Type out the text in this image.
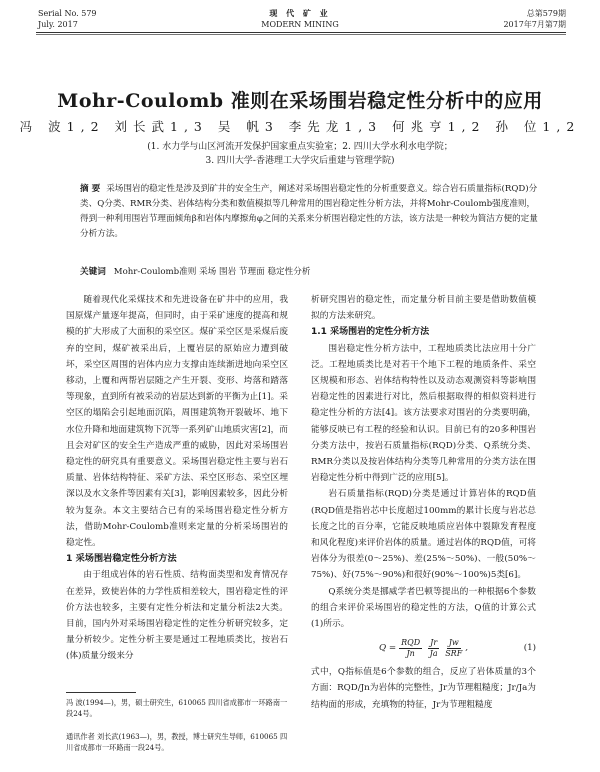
Serial No. 579
July. 2017
现 代 矿 业
MODERN MINING
总第579期
2017年7月第7期
Mohr-Coulomb 准则在采场围岩稳定性分析中的应用
冯 波1,2 刘长武1,3 吴 帆3 李先龙1,3 何兆亨1,2 孙 位1,2
(1. 水力学与山区河流开发保护国家重点实验室；2. 四川大学水利水电学院；
3. 四川大学-香港理工大学灾后重建与管理学院)
摘 要 采场围岩的稳定性是涉及到矿井的安全生产，阐述对采场围岩稳定性的分析重要意义。综合岩石质量指标(RQD)分类、Q分类、RMR分类、岩体结构分类和数值模拟等几种常用的围岩稳定性分析方法，并将Mohr-Coulomb强度准则，得到一种利用围岩节理面倾角β和岩体内摩擦角φ之间的关系来分析围岩稳定性的方法，该方法是一种较为简洁方便的定量分析方法。
关键词 Mohr-Coulomb准则 采场 围岩 节理面 稳定性分析

随着现代化采煤技术和先进设备在矿井中的应用，我国原煤产量逐年提高，但同时，由于采矿速度的提高和规模的扩大形成了大面积的采空区。煤矿采空区是采煤后废弃的空间，煤矿被采出后，上覆岩层的原始应力遭到破坏，采空区周围的岩体内应力支撑由连续渐进地向采空区移动，上覆和两帮岩层随之产生开裂、变形、垮落和踏落等现象，直到所有被采动的岩层达到新的平衡为止[1]。采空区的塌陷会引起地面沉陷，周围建筑物开裂破坏、地下水位升降和地面建筑物下沉等一系列矿山地质灾害[2]，而且会对矿区的安全生产造成严重的威胁，因此对采场围岩稳定性的研究具有重要意义。采场围岩稳定性主要与岩石质量、岩体结构特征、采矿方法、采空区形态、采空区埋深以及水文条件等因素有关[3]，影响因素较多，因此分析较为复杂。本文主要结合已有的采场围岩稳定性分析方法，借助Mohr-Coulomb准则来定量的分析采场围岩的稳定性。

1 采场围岩稳定性分析方法

由于组成岩体的岩石性质、结构面类型和发育情况存在差异，致使岩体的力学性质相差较大，围岩稳定性的评价方法也较多，主要有定性分析法和定量分析法2大类。目前，国内外对采场围岩稳定性的定性分析研究较多，定量分析较少。定性分析主要是通过工程地质类比，按岩石(体)质量分级来分

析研究围岩的稳定性，而定量分析目前主要是借助数值模拟的方法来研究。

1.1 采场围岩的定性分析方法

围岩稳定性分析方法中，工程地质类比法应用十分广泛。工程地质类比是对若干个地下工程的地质条件、采空区规模和形态、岩体结构特性以及动态观测资料等影响围岩稳定性的因素进行对比，然后根据取得的相似资料进行稳定性分析的方法[4]。该方法要求对围岩的分类要明确，能够反映已有工程的经验和认识。目前已有的20多种围岩分类方法中，按岩石质量指标(RQD)分类、Q系统分类、RMR分类以及按岩体结构分类等几种常用的分类方法在围岩稳定性分析中得到广泛的应用[5]。

岩石质量指标(RQD)分类是通过计算岩体的RQD值(RQD值是指岩芯中长度超过100mm的累计长度与岩芯总长度之比的百分率，它能反映地质应岩体中裂隙发育程度和风化程度)来评价岩体的质量。通过岩体的RQD值，可将岩体分为很差(0～25%)、差(25%～50%)、一般(50%～75%)、好(75%～90%)和很好(90%～100%)5类[6]。

Q系统分类是挪威学者巴顿等提出的一种根据6个参数的组合来评价采场围岩的稳定性的方法，Q值的计算公式(1)所示。

$Q = \frac{\text{RQD}}{Jn} \frac{Jr}{Ja} \frac{Jw}{\text{SRF}}$ ,	(1)

式中，Q指标值是6个参数的组合，反应了岩体质量的3个方面：RQD/Jn为岩体的完整性，Jr为节理粗糙度；Jr/Ja为结构面的形成，充填物的特征，Jr为节理粗糙度

冯 波(1994—)，男，硕士研究生，610065 四川省成都市一环路南一段24号。
通讯作者 刘长武(1963—)，男，教授，博士研究生导师，610065 四川省成都市一环路南一段24号。
